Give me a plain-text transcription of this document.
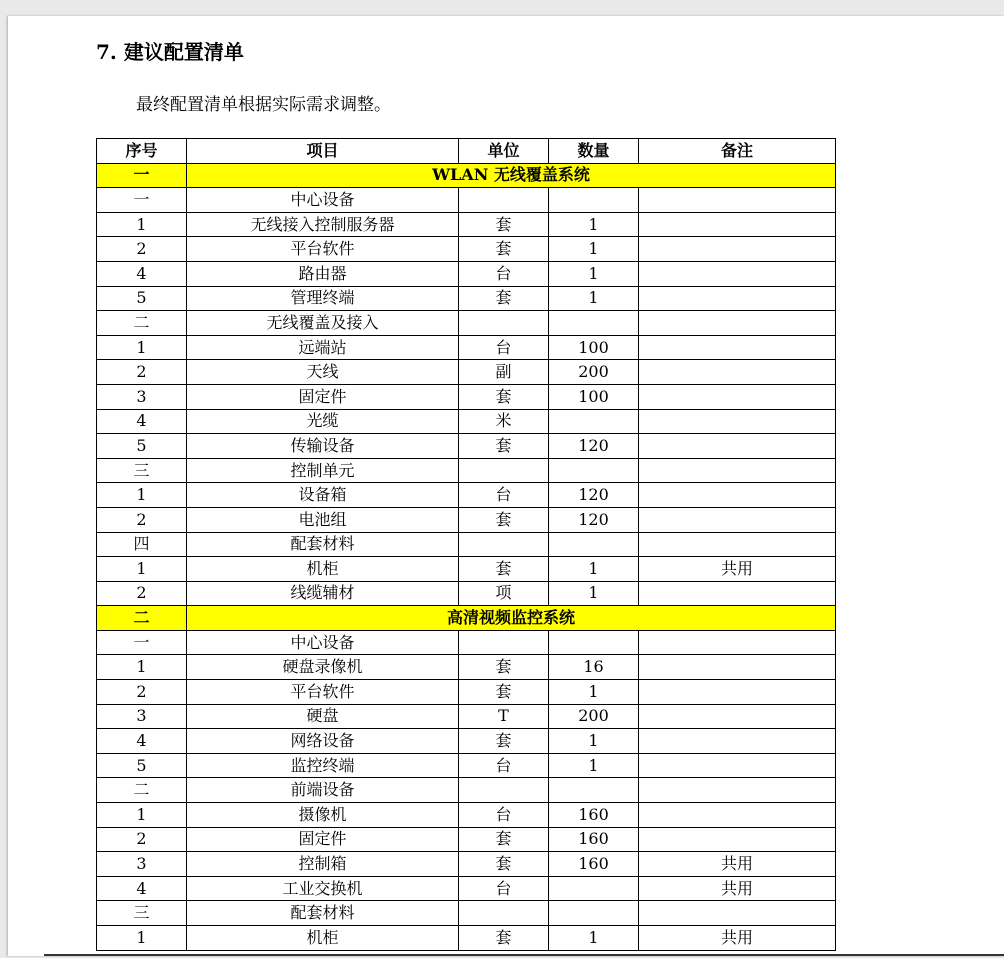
7. 建议配置清单
最终配置清单根据实际需求调整。
序号	项目	单位	数量	备注
一	WLAN 无线覆盖系统			
一	中心设备			
1	无线接入控制服务器	套	1	
2	平台软件	套	1	
4	路由器	台	1	
5	管理终端	套	1	
二	无线覆盖及接入			
1	远端站	台	100	
2	天线	副	200	
3	固定件	套	100	
4	光缆	米		
5	传输设备	套	120	
三	控制单元			
1	设备箱	台	120	
2	电池组	套	120	
四	配套材料			
1	机柜	套	1	共用
2	线缆辅材	项	1	
二	高清视频监控系统			
一	中心设备			
1	硬盘录像机	套	16	
2	平台软件	套	1	
3	硬盘	T	200	
4	网络设备	套	1	
5	监控终端	台	1	
二	前端设备			
1	摄像机	台	160	
2	固定件	套	160	
3	控制箱	套	160	共用
4	工业交换机	台		共用
三	配套材料			
1	机柜	套	1	共用
